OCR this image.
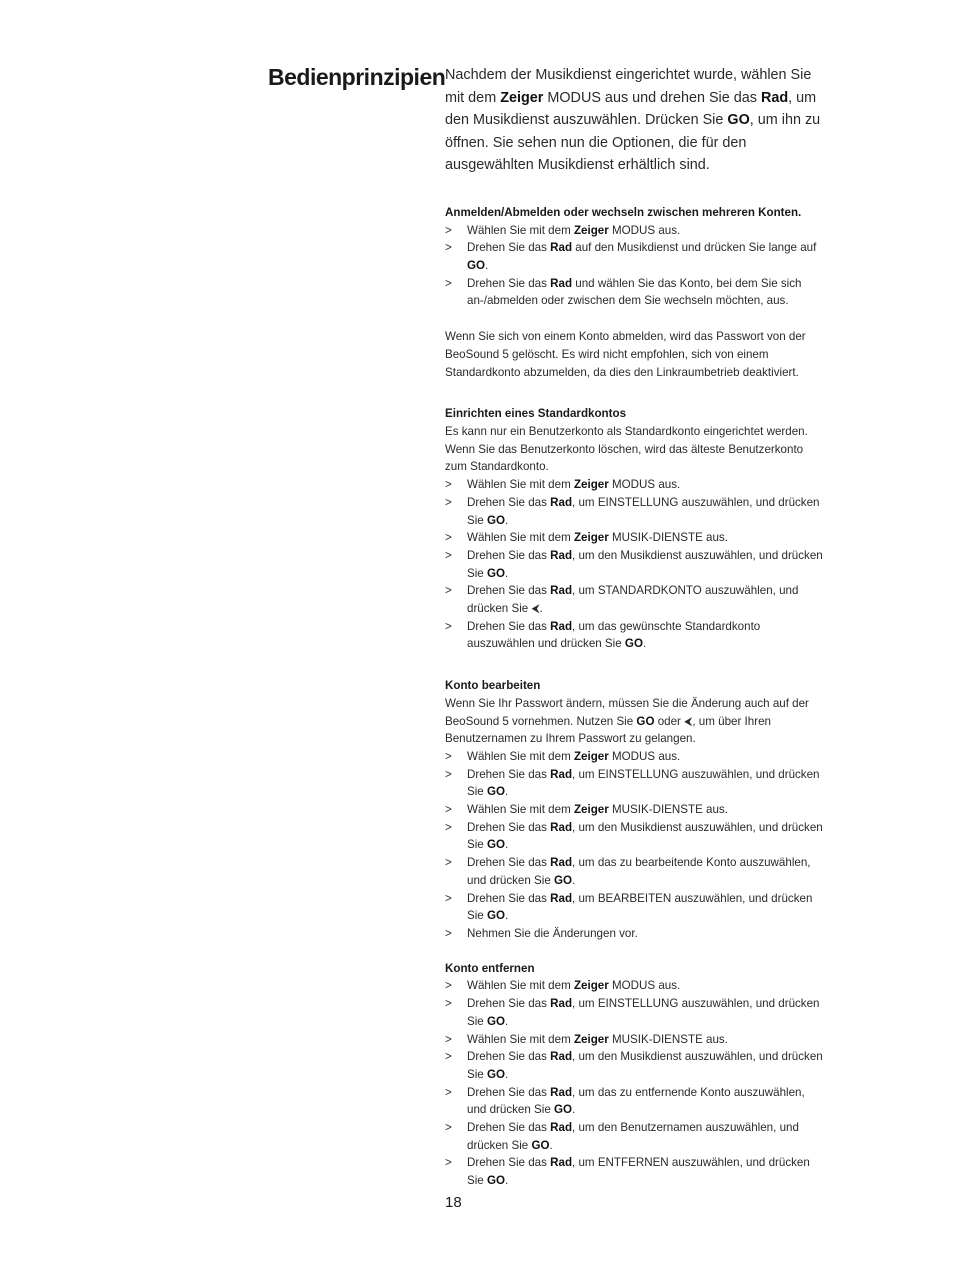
Bedienprinzipien Nachdem der Musikdienst eingerichtet wurde, wählen Sie mit dem Zeiger MODUS aus und drehen Sie das Rad, um den Musikdienst auszuwählen. Drücken Sie GO, um ihn zu öffnen. Sie sehen nun die Optionen, die für den ausgewählten Musikdienst erhältlich sind.

Anmelden/Abmelden oder wechseln zwischen mehreren Konten.

> Wählen Sie mit dem Zeiger MODUS aus.
> Drehen Sie das Rad auf den Musikdienst und drücken Sie lange auf GO.
> Drehen Sie das Rad und wählen Sie das Konto, bei dem Sie sich an-/abmelden oder zwischen dem Sie wechseln möchten, aus.

Wenn Sie sich von einem Konto abmelden, wird das Passwort von der BeoSound 5 gelöscht. Es wird nicht empfohlen, sich von einem Standardkonto abzumelden, da dies den Linkraumbetrieb deaktiviert.

Einrichten eines Standardkontos

Es kann nur ein Benutzerkonto als Standardkonto eingerichtet werden. Wenn Sie das Benutzerkonto löschen, wird das älteste Benutzerkonto zum Standardkonto.

> Wählen Sie mit dem Zeiger MODUS aus.
> Drehen Sie das Rad, um EINSTELLUNG auszuwählen, und drücken Sie GO.
> Wählen Sie mit dem Zeiger MUSIK-DIENSTE aus.
> Drehen Sie das Rad, um den Musikdienst auszuwählen, und drücken Sie GO.
> Drehen Sie das Rad, um STANDARDKONTO auszuwählen, und drücken Sie ⮜.
> Drehen Sie das Rad, um das gewünschte Standardkonto auszuwählen und drücken Sie GO.

Konto bearbeiten

Wenn Sie Ihr Passwort ändern, müssen Sie die Änderung auch auf der BeoSound 5 vornehmen. Nutzen Sie GO oder ⮜, um über Ihren Benutzernamen zu Ihrem Passwort zu gelangen.

> Wählen Sie mit dem Zeiger MODUS aus.
> Drehen Sie das Rad, um EINSTELLUNG auszuwählen, und drücken Sie GO.
> Wählen Sie mit dem Zeiger MUSIK-DIENSTE aus.
> Drehen Sie das Rad, um den Musikdienst auszuwählen, und drücken Sie GO.
> Drehen Sie das Rad, um das zu bearbeitende Konto auszuwählen, und drücken Sie GO.
> Drehen Sie das Rad, um BEARBEITEN auszuwählen, und drücken Sie GO.
> Nehmen Sie die Änderungen vor.

Konto entfernen

> Wählen Sie mit dem Zeiger MODUS aus.
> Drehen Sie das Rad, um EINSTELLUNG auszuwählen, und drücken Sie GO.
> Wählen Sie mit dem Zeiger MUSIK-DIENSTE aus.
> Drehen Sie das Rad, um den Musikdienst auszuwählen, und drücken Sie GO.
> Drehen Sie das Rad, um das zu entfernende Konto auszuwählen, und drücken Sie GO.
> Drehen Sie das Rad, um den Benutzernamen auszuwählen, und drücken Sie GO.
> Drehen Sie das Rad, um ENTFERNEN auszuwählen, und drücken Sie GO.
18
